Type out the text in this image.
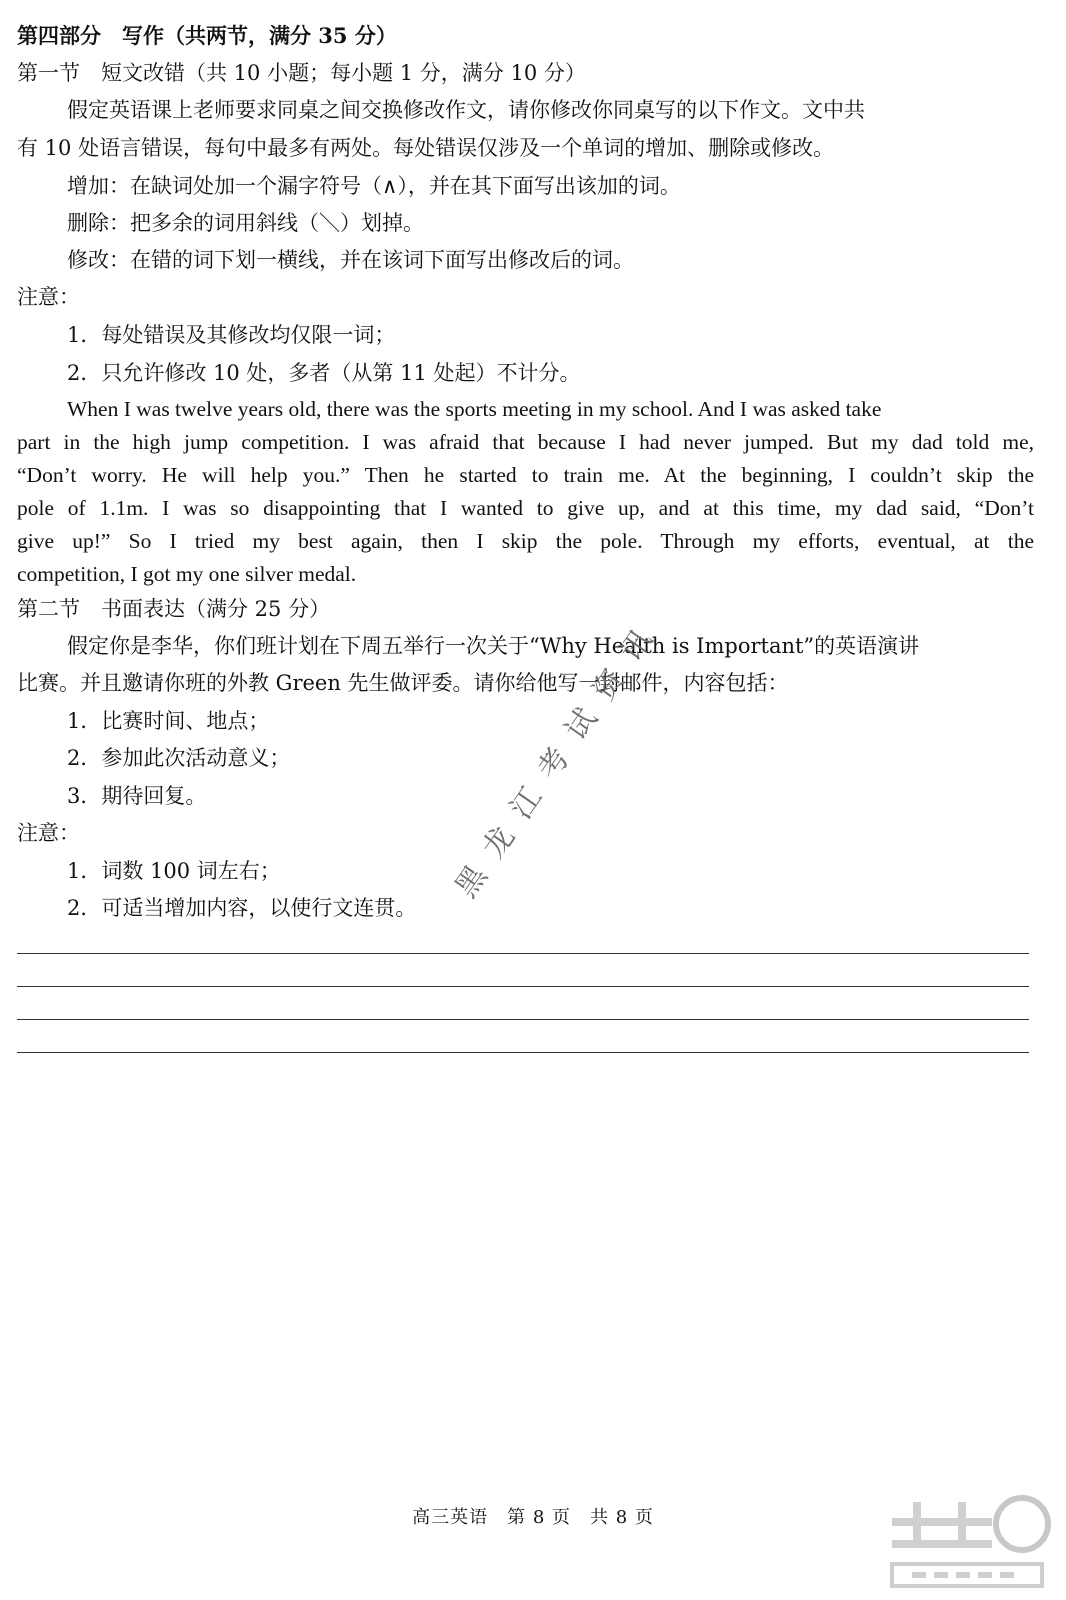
第四部分　写作（共两节，满分 35 分）
第一节　短文改错（共 10 小题；每小题 1 分，满分 10 分）
假定英语课上老师要求同桌之间交换修改作文，请你修改你同桌写的以下作文。文中共
有 10 处语言错误，每句中最多有两处。每处错误仅涉及一个单词的增加、删除或修改。
增加：在缺词处加一个漏字符号（∧），并在其下面写出该加的词。
删除：把多余的词用斜线（＼）划掉。
修改：在错的词下划一横线，并在该词下面写出修改后的词。
注意：
1．每处错误及其修改均仅限一词；
2．只允许修改 10 处，多者（从第 11 处起）不计分。
When I was twelve years old, there was the sports meeting in my school. And I was asked take
part in the high jump competition. I was afraid that because I had never jumped. But my dad told me,
“Don’t worry. He will help you.” Then he started to train me. At the beginning, I couldn’t skip the
pole of 1.1m. I was so disappointing that I wanted to give up, and at this time, my dad said, “Don’t
give up!” So I tried my best again, then I skip the pole. Through my efforts, eventual, at the
competition, I got my one silver medal.
第二节　书面表达（满分 25 分）
假定你是李华，你们班计划在下周五举行一次关于“Why Health is Important”的英语演讲
比赛。并且邀请你班的外教 Green 先生做评委。请你给他写一封邮件，内容包括：
1．比赛时间、地点；
2．参加此次活动意义；
3．期待回复。
注意：
1．词数 100 词左右；
2．可适当增加内容，以使行文连贯。
黑龙江考试资讯
高三英语　第 8 页　共 8 页
